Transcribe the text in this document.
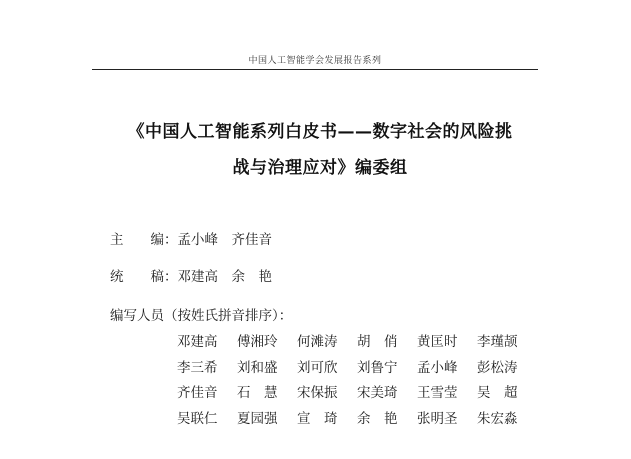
中国人工智能学会发展报告系列
《中国人工智能系列白皮书——数字社会的风险挑
战与治理应对》编委组
主　　编：孟小峰　齐佳音
统　　稿：邓建高　余　艳
编写人员（按姓氏拼音排序）：
邓建高	傅湘玲	何滩涛	胡　俏	黄匡时	李瑾颉
李三希	刘和盛	刘可欣	刘鲁宁	孟小峰	彭松涛
齐佳音	石　慧	宋保振	宋美琦	王雪莹	吴　超
吴联仁	夏园强	宣　琦	余　艳	张明圣	朱宏淼
